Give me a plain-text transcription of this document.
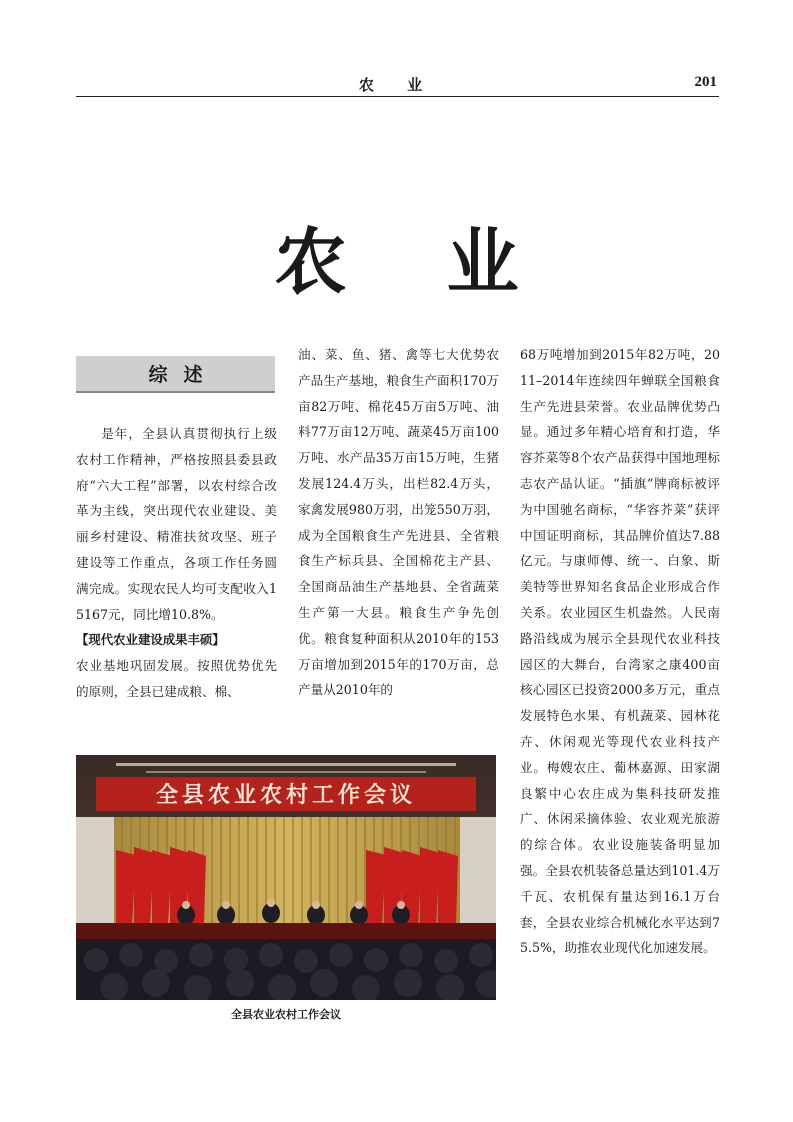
农 业	201
农业
综述

是年，全县认真贯彻执行上级农村工作精神，严格按照县委县政府“六大工程”部署，以农村综合改革为主线，突出现代农业建设、美丽乡村建设、精准扶贫攻坚、班子建设等工作重点，各项工作任务圆满完成。实现农民人均可支配收入15167元，同比增10.8%。

【现代农业建设成果丰硕】

农业基地巩固发展。按照优势优先的原则，全县已建成粮、棉、

油、菜、鱼、猪、禽等七大优势农产品生产基地，粮食生产面积170万亩82万吨、棉花45万亩5万吨、油料77万亩12万吨、蔬菜45万亩100万吨、水产品35万亩15万吨，生猪发展124.4万头，出栏82.4万头，家禽发展980万羽，出笼550万羽，成为全国粮食生产先进县、全省粮食生产标兵县、全国棉花主产县、全国商品油生产基地县、全省蔬菜生产第一大县。粮食生产争先创优。粮食复种面积从2010年的153万亩增加到2015年的170万亩，总产量从2010年的

68万吨增加到2015年82万吨，2011–2014年连续四年蝉联全国粮食生产先进县荣誉。农业品牌优势凸显。通过多年精心培育和打造，华容芥菜等8个农产品获得中国地理标志农产品认证。“插旗”牌商标被评为中国驰名商标，“华容芥菜”获评中国证明商标，其品牌价值达7.88亿元。与康师傅、统一、白象、斯美特等世界知名食品企业形成合作关系。农业园区生机盎然。人民南路沿线成为展示全县现代农业科技园区的大舞台，台湾家之康400亩核心园区已投资2000多万元，重点发展特色水果、有机蔬菜、园林花卉、休闲观光等现代农业科技产业。梅嫂农庄、葡林嘉源、田家湖良繁中心农庄成为集科技研发推广、休闲采摘体验、农业观光旅游的综合体。农业设施装备明显加强。全县农机装备总量达到101.4万千瓦、农机保有量达到16.1万台套，全县农业综合机械化水平达到75.5%，助推农业现代化加速发展。

全县农业农村工作会议
全县农业农村工作会议
